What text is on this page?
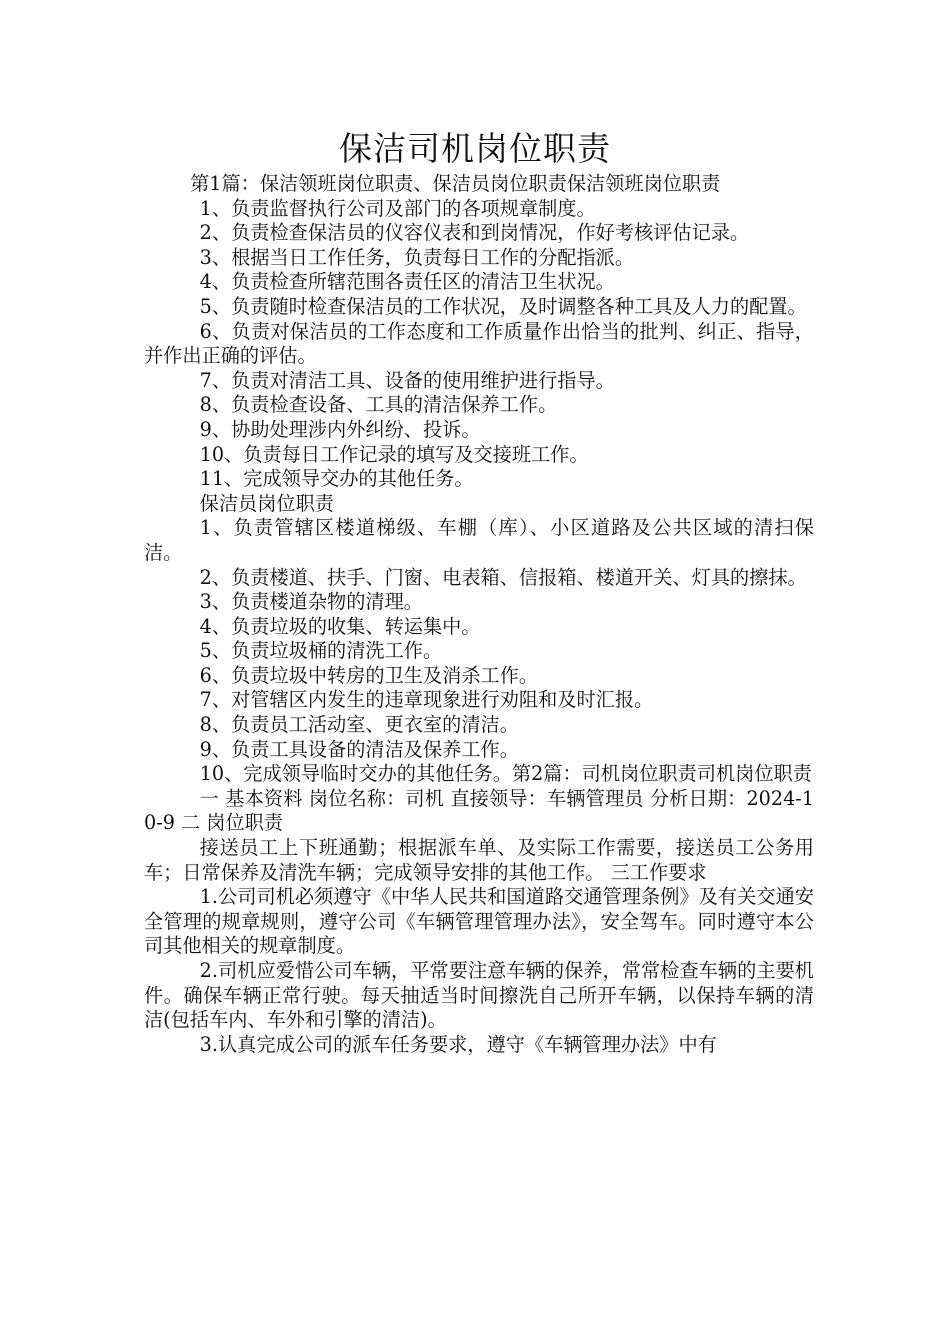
保洁司机岗位职责

第1篇：保洁领班岗位职责、保洁员岗位职责保洁领班岗位职责

1、负责监督执行公司及部门的各项规章制度。

2、负责检查保洁员的仪容仪表和到岗情况，作好考核评估记录。

3、根据当日工作任务，负责每日工作的分配指派。

4、负责检查所辖范围各责任区的清洁卫生状况。

5、负责随时检查保洁员的工作状况，及时调整各种工具及人力的配置。

6、负责对保洁员的工作态度和工作质量作出恰当的批判、纠正、指导，并作出正确的评估。

7、负责对清洁工具、设备的使用维护进行指导。

8、负责检查设备、工具的清洁保养工作。

9、协助处理涉内外纠纷、投诉。

10、负责每日工作记录的填写及交接班工作。

11、完成领导交办的其他任务。

保洁员岗位职责

1、负责管辖区楼道梯级、车棚（库）、小区道路及公共区域的清扫保洁。

2、负责楼道、扶手、门窗、电表箱、信报箱、楼道开关、灯具的擦抹。

3、负责楼道杂物的清理。

4、负责垃圾的收集、转运集中。

5、负责垃圾桶的清洗工作。

6、负责垃圾中转房的卫生及消杀工作。

7、对管辖区内发生的违章现象进行劝阻和及时汇报。

8、负责员工活动室、更衣室的清洁。

9、负责工具设备的清洁及保养工作。

10、完成领导临时交办的其他任务。第2篇：司机岗位职责司机岗位职责

一 基本资料 岗位名称：司机 直接领导：车辆管理员 分析日期：2024-10-9 二 岗位职责

接送员工上下班通勤；根据派车单、及实际工作需要，接送员工公务用车；日常保养及清洗车辆；完成领导安排的其他工作。 三工作要求

1.公司司机必须遵守《中华人民共和国道路交通管理条例》及有关交通安全管理的规章规则，遵守公司《车辆管理管理办法》，安全驾车。同时遵守本公司其他相关的规章制度。

2.司机应爱惜公司车辆，平常要注意车辆的保养，常常检查车辆的主要机件。确保车辆正常行驶。每天抽适当时间擦洗自己所开车辆，以保持车辆的清洁(包括车内、车外和引擎的清洁)。

3.认真完成公司的派车任务要求，遵守《车辆管理办法》中有
